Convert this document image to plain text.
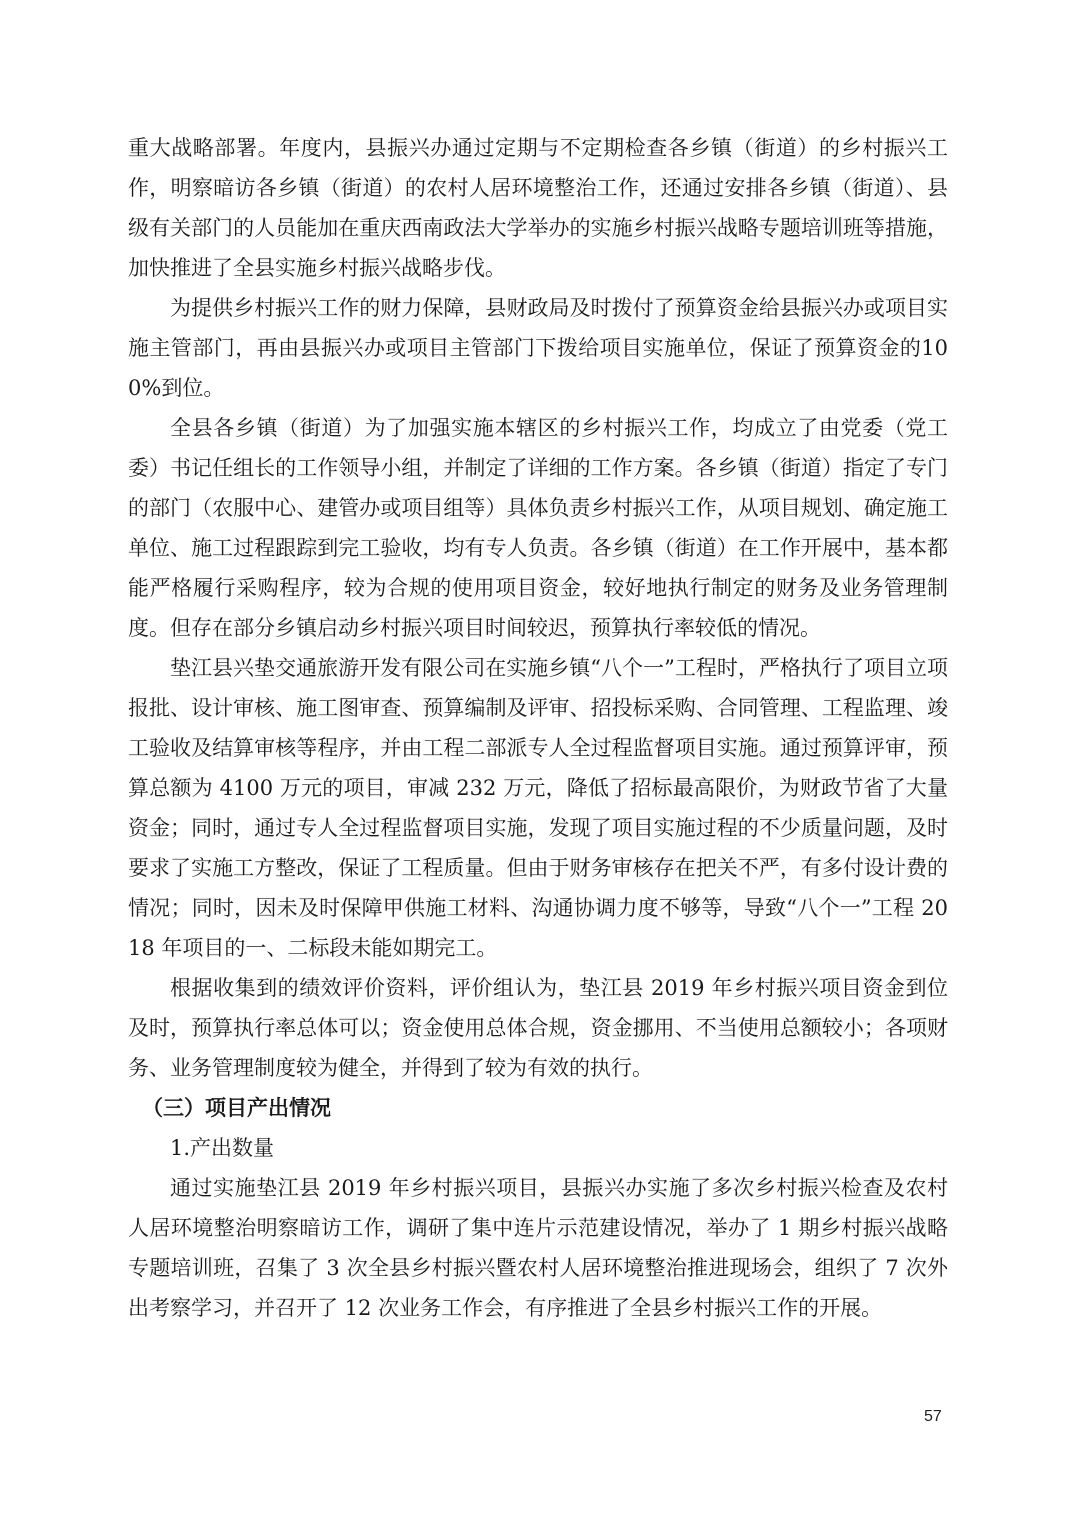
重大战略部署。年度内，县振兴办通过定期与不定期检查各乡镇（街道）的乡村振兴工作，明察暗访各乡镇（街道）的农村人居环境整治工作，还通过安排各乡镇（街道）、县级有关部门的人员能加在重庆西南政法大学举办的实施乡村振兴战略专题培训班等措施，加快推进了全县实施乡村振兴战略步伐。

为提供乡村振兴工作的财力保障，县财政局及时拨付了预算资金给县振兴办或项目实施主管部门，再由县振兴办或项目主管部门下拨给项目实施单位，保证了预算资金的100%到位。

全县各乡镇（街道）为了加强实施本辖区的乡村振兴工作，均成立了由党委（党工委）书记任组长的工作领导小组，并制定了详细的工作方案。各乡镇（街道）指定了专门的部门（农服中心、建管办或项目组等）具体负责乡村振兴工作，从项目规划、确定施工单位、施工过程跟踪到完工验收，均有专人负责。各乡镇（街道）在工作开展中，基本都能严格履行采购程序，较为合规的使用项目资金，较好地执行制定的财务及业务管理制度。但存在部分乡镇启动乡村振兴项目时间较迟，预算执行率较低的情况。

垫江县兴垫交通旅游开发有限公司在实施乡镇“八个一”工程时，严格执行了项目立项报批、设计审核、施工图审查、预算编制及评审、招投标采购、合同管理、工程监理、竣工验收及结算审核等程序，并由工程二部派专人全过程监督项目实施。通过预算评审，预算总额为 4100 万元的项目，审减 232 万元，降低了招标最高限价，为财政节省了大量资金；同时，通过专人全过程监督项目实施，发现了项目实施过程的不少质量问题，及时要求了实施工方整改，保证了工程质量。但由于财务审核存在把关不严，有多付设计费的情况；同时，因未及时保障甲供施工材料、沟通协调力度不够等，导致“八个一”工程 2018 年项目的一、二标段未能如期完工。

根据收集到的绩效评价资料，评价组认为，垫江县 2019 年乡村振兴项目资金到位及时，预算执行率总体可以；资金使用总体合规，资金挪用、不当使用总额较小；各项财务、业务管理制度较为健全，并得到了较为有效的执行。

（三）项目产出情况

1.产出数量

通过实施垫江县 2019 年乡村振兴项目，县振兴办实施了多次乡村振兴检查及农村人居环境整治明察暗访工作，调研了集中连片示范建设情况，举办了 1 期乡村振兴战略专题培训班，召集了 3 次全县乡村振兴暨农村人居环境整治推进现场会，组织了 7 次外出考察学习，并召开了 12 次业务工作会，有序推进了全县乡村振兴工作的开展。

57
